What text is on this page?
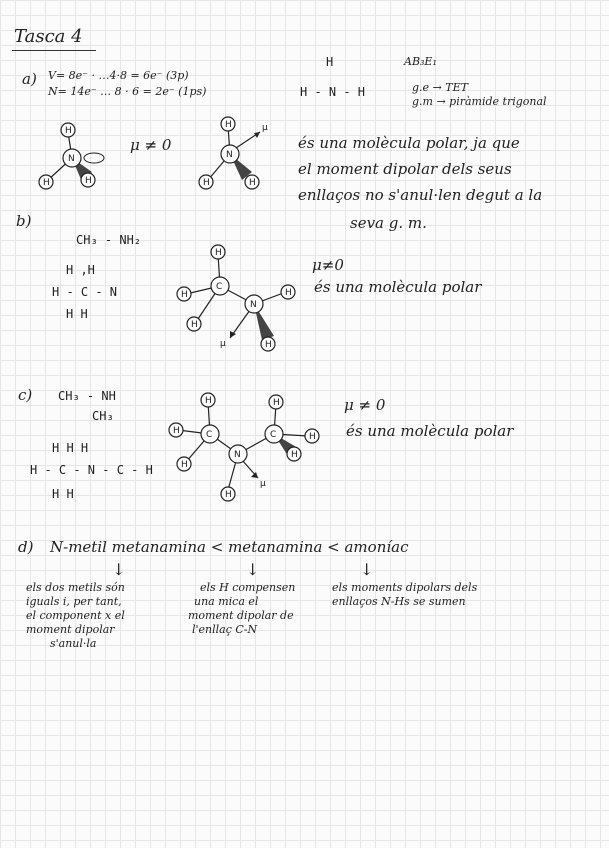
Tasca 4
a) V= 8e⁻ · …4·8 = 6e⁻ (3p)
N= 14e⁻ … 8 · 6 = 2e⁻ (1ps)
H
H - N - H
AB₃E₁
g.e → TET
g.m → piràmide trigonal
N
H
H	H
μ ≠ 0
N
H
H	H
μ
és una molècula polar, ja que
el moment dipolar dels seus
enllaços no s'anul·len degut a la
seva g. m.
b)
CH₃ - NH₂
H ,H
H - C - N
H H
C
N
H
H
H
H
H
μ
μ≠0
és una molècula polar
c) CH₃ - NH
CH₃
H H H
H - C - N - C - H
H H
C	C
N
H
H
H
H
H
H
H
μ
μ ≠ 0
és una molècula polar
d) N-metil metanamina < metanamina < amoníac
↓	↓	↓
els dos metils són
iguals i, per tant,
el component x el
moment dipolar
s'anul·la
els H compensen
una mica el
moment dipolar de
l'enllaç C-N
els moments dipolars dels
enllaços N-Hs se sumen
